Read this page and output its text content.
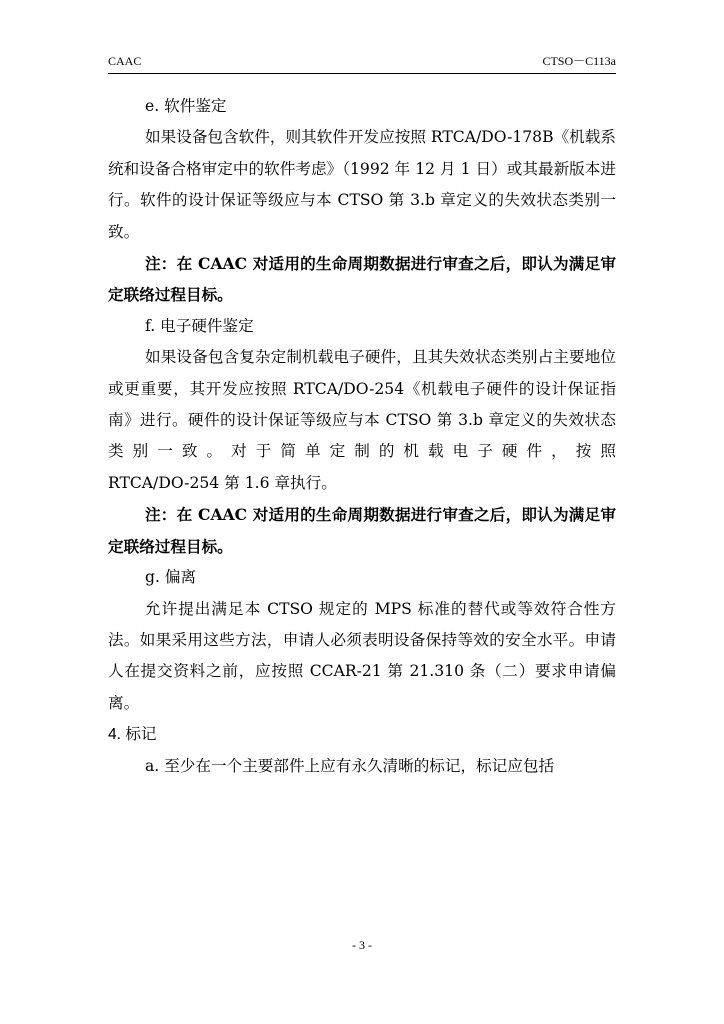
CAAC	CTSO－C113a

e. 软件鉴定

如果设备包含软件，则其软件开发应按照 RTCA/DO-178B《机载系统和设备合格审定中的软件考虑》（1992 年 12 月 1 日）或其最新版本进行。软件的设计保证等级应与本 CTSO 第 3.b 章定义的失效状态类别一致。

注：在 CAAC 对适用的生命周期数据进行审查之后，即认为满足审定联络过程目标。

f. 电子硬件鉴定

如果设备包含复杂定制机载电子硬件，且其失效状态类别占主要地位或更重要，其开发应按照 RTCA/DO-254《机载电子硬件的设计保证指南》进行。硬件的设计保证等级应与本 CTSO 第 3.b 章定义的失效状态类别一致。对于简单定制的机载电子硬件，按照

RTCA/DO-254 第 1.6 章执行。

注：在 CAAC 对适用的生命周期数据进行审查之后，即认为满足审定联络过程目标。

g. 偏离

允许提出满足本 CTSO 规定的 MPS 标准的替代或等效符合性方法。如果采用这些方法，申请人必须表明设备保持等效的安全水平。申请人在提交资料之前，应按照 CCAR-21 第 21.310 条（二）要求申请偏离。

4. 标记

a. 至少在一个主要部件上应有永久清晰的标记，标记应包括

- 3 -
